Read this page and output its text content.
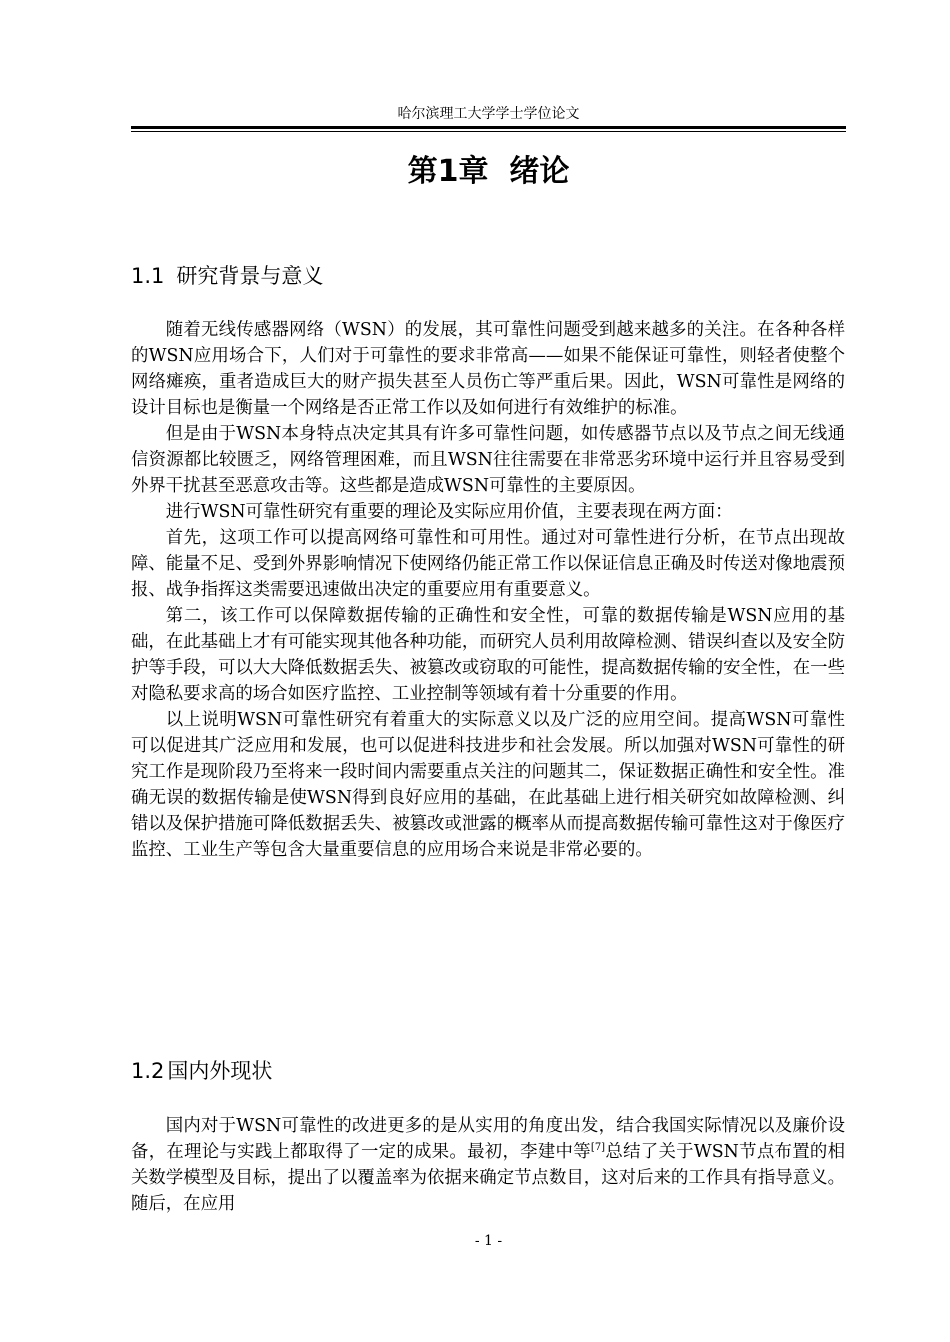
哈尔滨理工大学学士学位论文
第1章  绪论
1.1 研究背景与意义

随着无线传感器网络（WSN）的发展，其可靠性问题受到越来越多的关注。在各种各样的WSN应用场合下，人们对于可靠性的要求非常高——如果不能保证可靠性，则轻者使整个网络瘫痪，重者造成巨大的财产损失甚至人员伤亡等严重后果。因此，WSN可靠性是网络的设计目标也是衡量一个网络是否正常工作以及如何进行有效维护的标准。

但是由于WSN本身特点决定其具有许多可靠性问题，如传感器节点以及节点之间无线通信资源都比较匮乏，网络管理困难，而且WSN往往需要在非常恶劣环境中运行并且容易受到外界干扰甚至恶意攻击等。这些都是造成WSN可靠性的主要原因。

进行WSN可靠性研究有重要的理论及实际应用价值，主要表现在两方面：

首先，这项工作可以提高网络可靠性和可用性。通过对可靠性进行分析，在节点出现故障、能量不足、受到外界影响情况下使网络仍能正常工作以保证信息正确及时传送对像地震预报、战争指挥这类需要迅速做出决定的重要应用有重要意义。

第二，该工作可以保障数据传输的正确性和安全性，可靠的数据传输是WSN应用的基础，在此基础上才有可能实现其他各种功能，而研究人员利用故障检测、错误纠查以及安全防护等手段，可以大大降低数据丢失、被篡改或窃取的可能性，提高数据传输的安全性，在一些对隐私要求高的场合如医疗监控、工业控制等领域有着十分重要的作用。

以上说明WSN可靠性研究有着重大的实际意义以及广泛的应用空间。提高WSN可靠性可以促进其广泛应用和发展，也可以促进科技进步和社会发展。所以加强对WSN可靠性的研究工作是现阶段乃至将来一段时间内需要重点关注的问题其二，保证数据正确性和安全性。准确无误的数据传输是使WSN得到良好应用的基础，在此基础上进行相关研究如故障检测、纠错以及保护措施可降低数据丢失、被篡改或泄露的概率从而提高数据传输可靠性这对于像医疗监控、工业生产等包含大量重要信息的应用场合来说是非常必要的。

1.2 国内外现状

国内对于WSN可靠性的改进更多的是从实用的角度出发，结合我国实际情况以及廉价设备，在理论与实践上都取得了一定的成果。最初，李建中等[7]总结了关于WSN节点布置的相关数学模型及目标，提出了以覆盖率为依据来确定节点数目，这对后来的工作具有指导意义。随后，在应用

- 1 -
